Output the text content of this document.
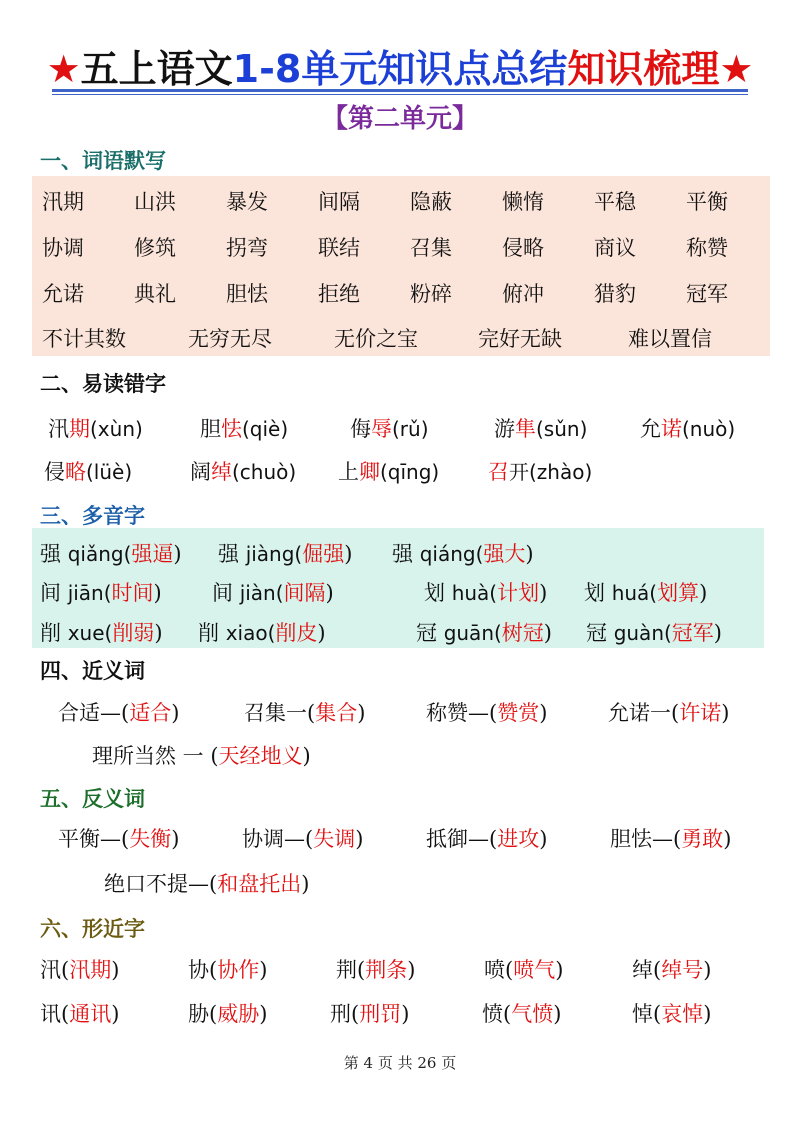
★五上语文1-8单元知识点总结知识梳理★
【第二单元】
一、词语默写
汛期 山洪 暴发 间隔 隐蔽 懒惰 平稳 平衡
协调 修筑 拐弯 联结 召集 侵略 商议 称赞
允诺 典礼 胆怯 拒绝 粉碎 俯冲 猎豹 冠军
不计其数	无穷无尽	无价之宝	完好无缺	难以置信
二、易读错字
汛期(xùn)	胆怯(qiè)	侮辱(rǔ)	游隼(sǔn)	允诺(nuò)
侵略(lüè)	阔绰(chuò) 上卿(qīng) 召开(zhào)
三、多音字
强 qiǎng(强逼) 强 jiàng(倔强) 强 qiáng(强大)
间 jiān(时间) 间 jiàn(间隔)	划 huà(计划) 划 huá(划算)
削 xue(削弱) 削 xiao(削皮)	冠 guān(树冠) 冠 guàn(冠军)
四、近义词
合适—(适合)	召集一(集合)	称赞—(赞赏)	允诺一(许诺)
理所当然 一 (天经地义)
五、反义词
平衡—(失衡)	协调—(失调)	抵御—(进攻)	胆怯—(勇敢)
绝口不提—(和盘托出)
六、形近字
汛(汛期)	协(协作)	荆(荆条)	喷(喷气)	绰(绰号)
讯(通讯)	胁(威胁)	刑(刑罚)	愤(气愤)	悼(哀悼)
第 4 页 共 26 页
